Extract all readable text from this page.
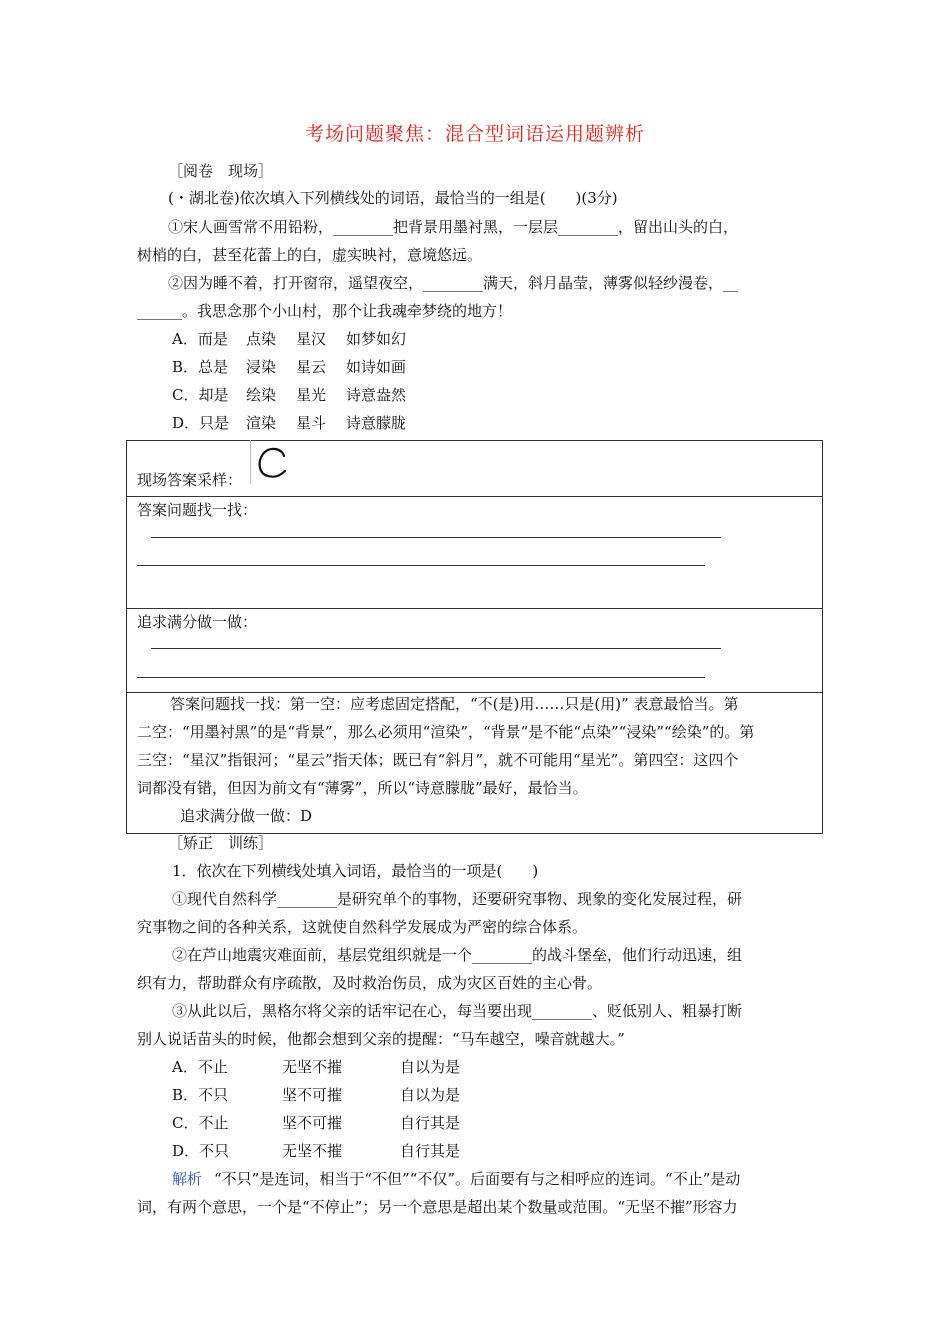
考场问题聚焦：混合型词语运用题辨析
［阅卷　现场］
(・湖北卷)依次填入下列横线处的词语，最恰当的一组是(　　)(3分)
①宋人画雪常不用铅粉，________把背景用墨衬黑，一层层________，留出山头的白，
树梢的白，甚至花蕾上的白，虚实映衬，意境悠远。
②因为睡不着，打开窗帘，遥望夜空，________满天，斜月晶莹，薄雾似轻纱漫卷，__
______。我思念那个小山村，那个让我魂牵梦绕的地方！
A．而是 点染 星汉 如梦如幻
B．总是 浸染 星云 如诗如画
C．却是 绘染 星光 诗意盎然
D．只是 渲染 星斗 诗意朦胧
现场答案采样：
答案问题找一找：
追求满分做一做：
答案问题找一找：第一空：应考虑固定搭配，“不(是)用……只是(用)” 表意最恰当。第
二空：“用墨衬黑”的是“背景”，那么必须用“渲染”，“背景”是不能“点染”“浸染”“绘染”的。第
三空：“星汉”指银河；“星云”指天体；既已有“斜月”，就不可能用“星光”。第四空：这四个
词都没有错，但因为前文有“薄雾”，所以“诗意朦胧”最好，最恰当。
追求满分做一做：D
［矫正　训练］
1．依次在下列横线处填入词语，最恰当的一项是(　　)
①现代自然科学________是研究单个的事物，还要研究事物、现象的变化发展过程，研
究事物之间的各种关系，这就使自然科学发展成为严密的综合体系。
②在芦山地震灾难面前，基层党组织就是一个________的战斗堡垒，他们行动迅速，组
织有力，帮助群众有序疏散，及时救治伤员，成为灾区百姓的主心骨。
③从此以后，黑格尔将父亲的话牢记在心，每当要出现________、贬低别人、粗暴打断
别人说话苗头的时候，他都会想到父亲的提醒：“马车越空，噪音就越大。”
A．不止	无坚不摧	自以为是
B．不只	坚不可摧	自以为是
C．不止	坚不可摧	自行其是
D．不只	无坚不摧	自行其是
解析 “不只”是连词，相当于“不但”“不仅”。后面要有与之相呼应的连词。“不止”是动
词，有两个意思，一个是“不停止”；另一个意思是超出某个数量或范围。“无坚不摧”形容力
